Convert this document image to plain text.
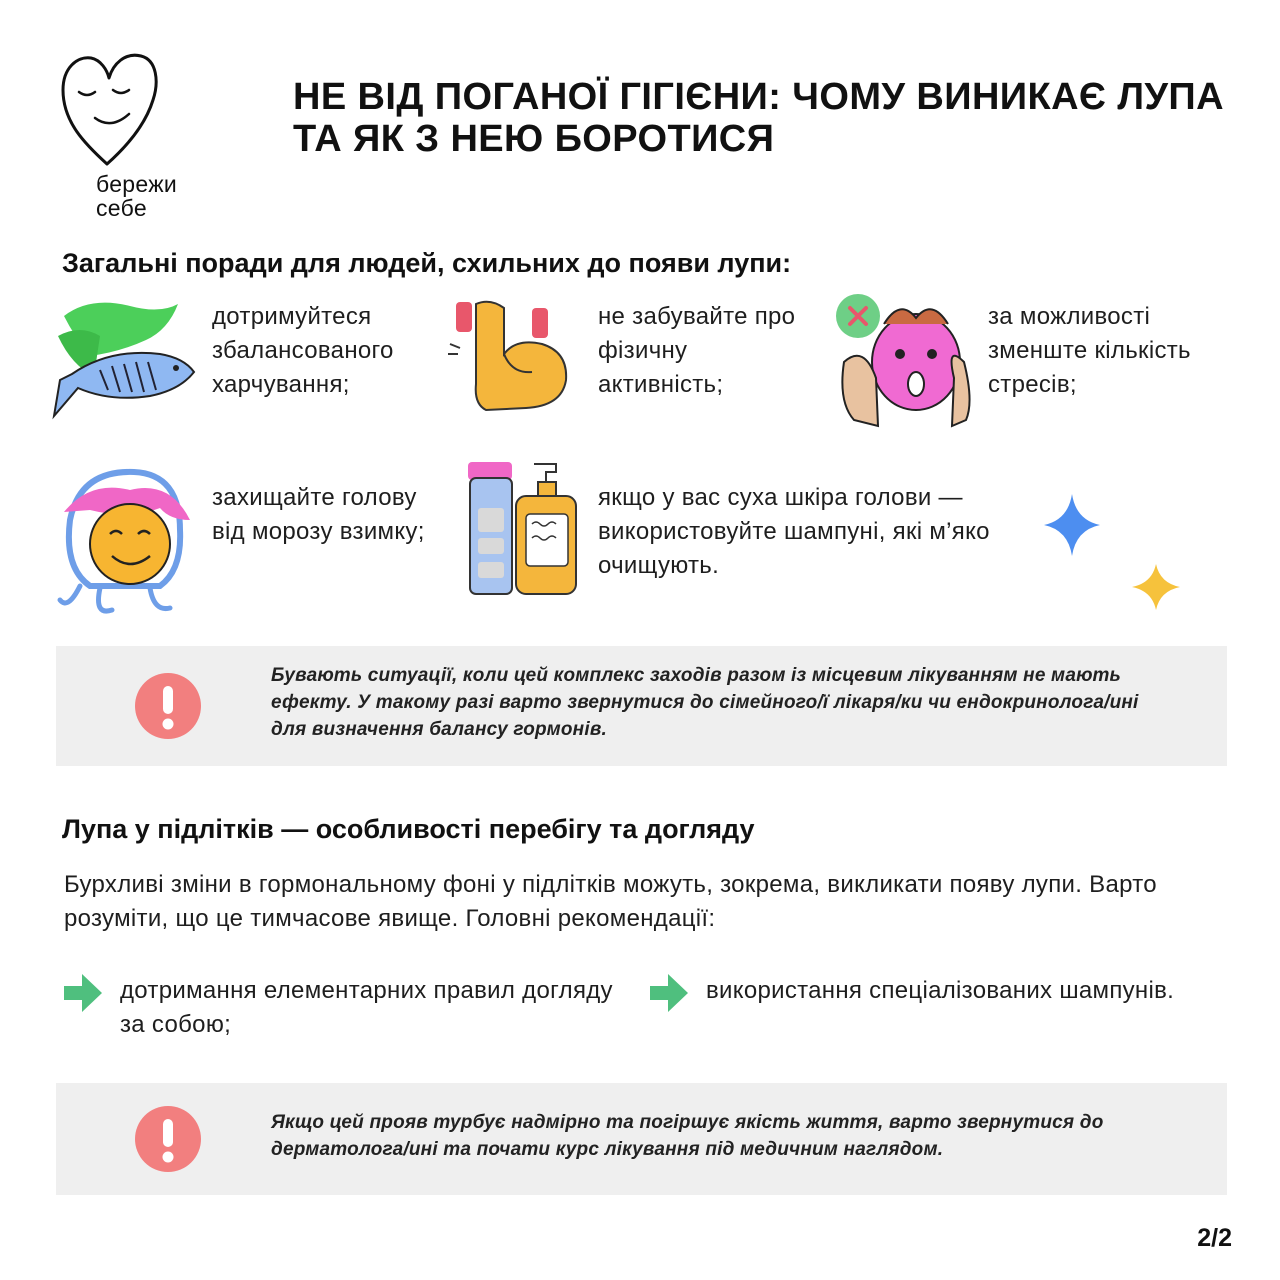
бережи
себе
НЕ ВІД ПОГАНОЇ ГІГІЄНИ: ЧОМУ ВИНИКАЄ ЛУПА ТА ЯК З НЕЮ БОРОТИСЯ
Загальні поради для людей, схильних до появи лупи:
дотримуйтеся збалансованого харчування;
не забувайте про фізичну активність;
за можливості зменште кількість стресів;
захищайте голову від морозу взимку;
якщо у вас суха шкіра голови — використовуйте шампуні, які м’яко очищують.
Бувають ситуації, коли цей комплекс заходів разом із місцевим лікуванням не мають ефекту. У такому разі варто звернутися до сімейного/ї лікаря/ки чи ендокринолога/ині для визначення балансу гормонів.
Лупа у підлітків — особливості перебігу та догляду
Бурхливі зміни в гормональному фоні у підлітків можуть, зокрема, викликати появу лупи. Варто розуміти, що це тимчасове явище. Головні рекомендації:
дотримання елементарних правил догляду за собою;
використання спеціалізованих шампунів.
Якщо цей прояв турбує надмірно та погіршує якість життя, варто звернутися до дерматолога/ині та почати курс лікування під медичним наглядом.
2/2
